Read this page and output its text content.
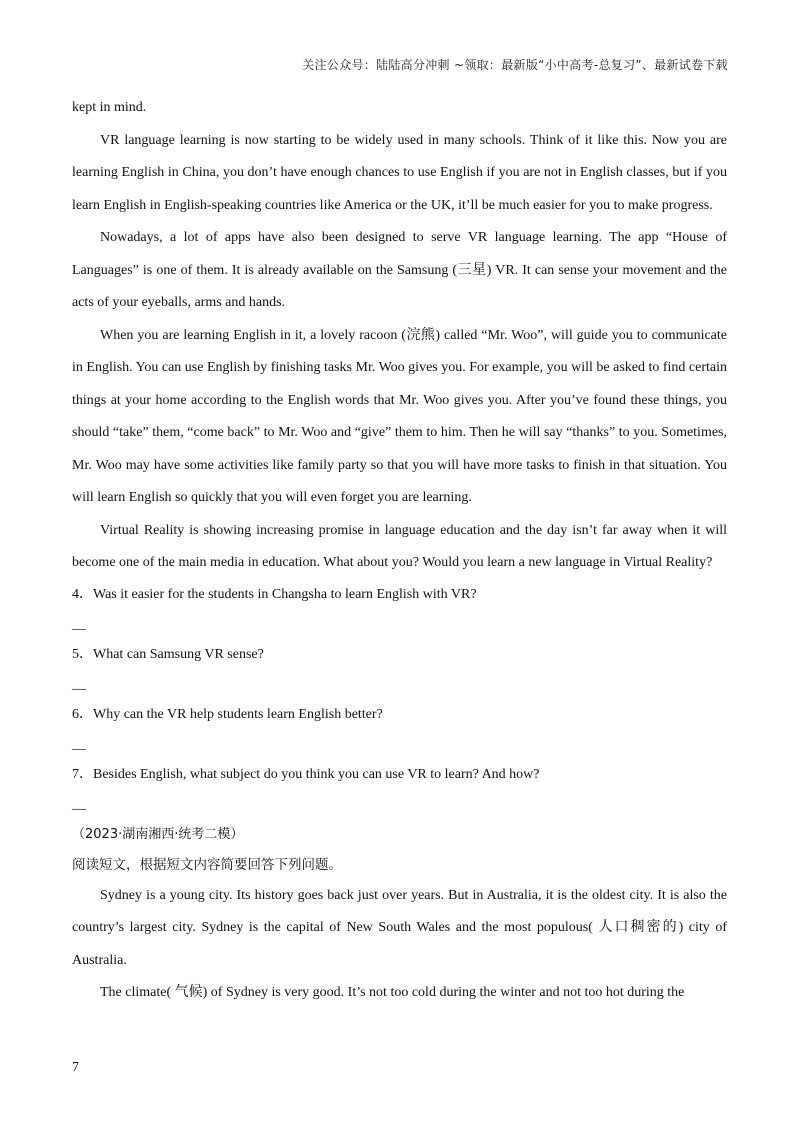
关注公众号：陆陆高分冲刺 ~领取：最新版“小中高考-总复习”、最新试卷下载

kept in mind.

VR language learning is now starting to be widely used in many schools. Think of it like this. Now you are learning English in China, you don’t have enough chances to use English if you are not in English classes, but if you learn English in English-speaking countries like America or the UK, it’ll be much easier for you to make progress.

Nowadays, a lot of apps have also been designed to serve VR language learning. The app “House of Languages” is one of them. It is already available on the Samsung (三星) VR. It can sense your movement and the acts of your eyeballs, arms and hands.

When you are learning English in it, a lovely racoon (浣熊) called “Mr. Woo”, will guide you to communicate in English. You can use English by finishing tasks Mr. Woo gives you. For example, you will be asked to find certain things at your home according to the English words that Mr. Woo gives you. After you’ve found these things, you should “take” them, “come back” to Mr. Woo and “give” them to him. Then he will say “thanks” to you. Sometimes, Mr. Woo may have some activities like family party so that you will have more tasks to finish in that situation. You will learn English so quickly that you will even forget you are learning.

Virtual Reality is showing increasing promise in language education and the day isn’t far away when it will become one of the main media in education. What about you? Would you learn a new language in Virtual Reality?

4．Was it easier for the students in Changsha to learn English with VR?

__

5．What can Samsung VR sense?

__

6．Why can the VR help students learn English better?

__

7．Besides English, what subject do you think you can use VR to learn? And how?

__

（2023·湖南湘西·统考二模）

阅读短文，根据短文内容简要回答下列问题。

Sydney is a young city. Its history goes back just over years. But in Australia, it is the oldest city. It is also the country’s largest city. Sydney is the capital of New South Wales and the most populous( 人口稠密的) city of Australia.

The climate( 气候) of Sydney is very good. It’s not too cold during the winter and not too hot during the

7
